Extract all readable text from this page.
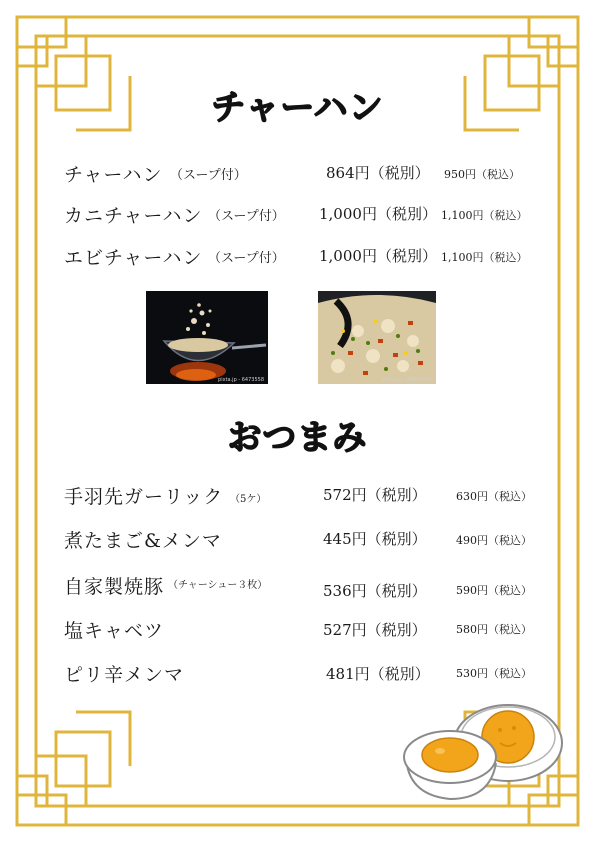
チャーハン
チャーハン （スープ付）	864円（税別） 950円（税込）
カニチャーハン （スープ付） 1,000円（税別） 1,100円（税込）
エビチャーハン （スープ付） 1,000円（税別） 1,100円（税込）
pixta.jp - 6473558	pixta.jp - 48834509
おつまみ
手羽先ガーリック （5ケ）	572円（税別）	630円（税込）
煮たまご&メンマ	445円（税別）	490円（税込）
自家製焼豚 （チャーシュー３枚）	536円（税別）	590円（税込）
塩キャベツ	527円（税別）	580円（税込）
ピリ辛メンマ	481円（税別） 530円（税込）
